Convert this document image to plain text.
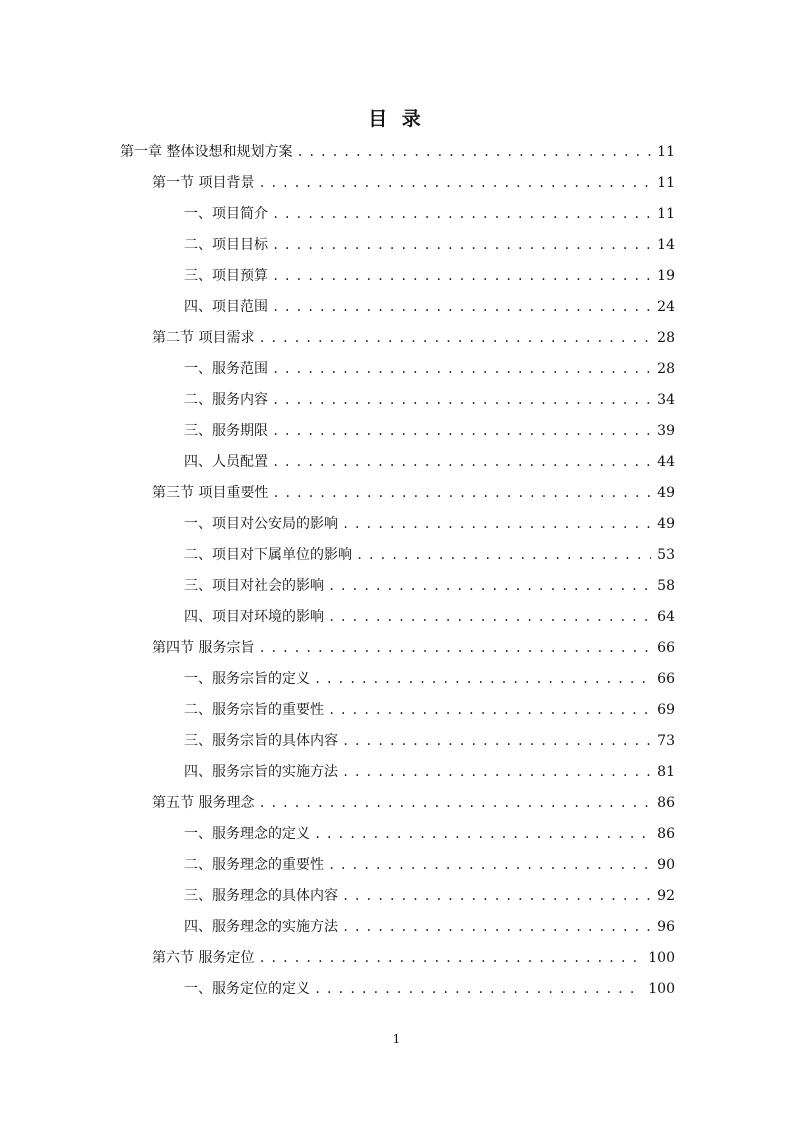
目 录
第一章 整体设想和规划方案 . . .	11
第一节 项目背景 . . .	11
一、项目简介 . . .	11
二、项目目标 . . .	14
三、项目预算 . . .	19
四、项目范围 . . .	24
第二节 项目需求 . . .	28
一、服务范围 . . .	28
二、服务内容 . . .	34
三、服务期限 . . .	39
四、人员配置 . . .	44
第三节 项目重要性 . . .	49
一、项目对公安局的影响 . . .	49
二、项目对下属单位的影响 . . .	53
三、项目对社会的影响 . . .	58
四、项目对环境的影响 . . .	64
第四节 服务宗旨 . . .	66
一、服务宗旨的定义 . . .	66
二、服务宗旨的重要性 . . .	69
三、服务宗旨的具体内容 . . .	73
四、服务宗旨的实施方法 . . .	81
第五节 服务理念 . . .	86
一、服务理念的定义 . . .	86
二、服务理念的重要性 . . .	90
三、服务理念的具体内容 . . .	92
四、服务理念的实施方法 . . .	96
第六节 服务定位 . . .	100
一、服务定位的定义 . . .	100
1
